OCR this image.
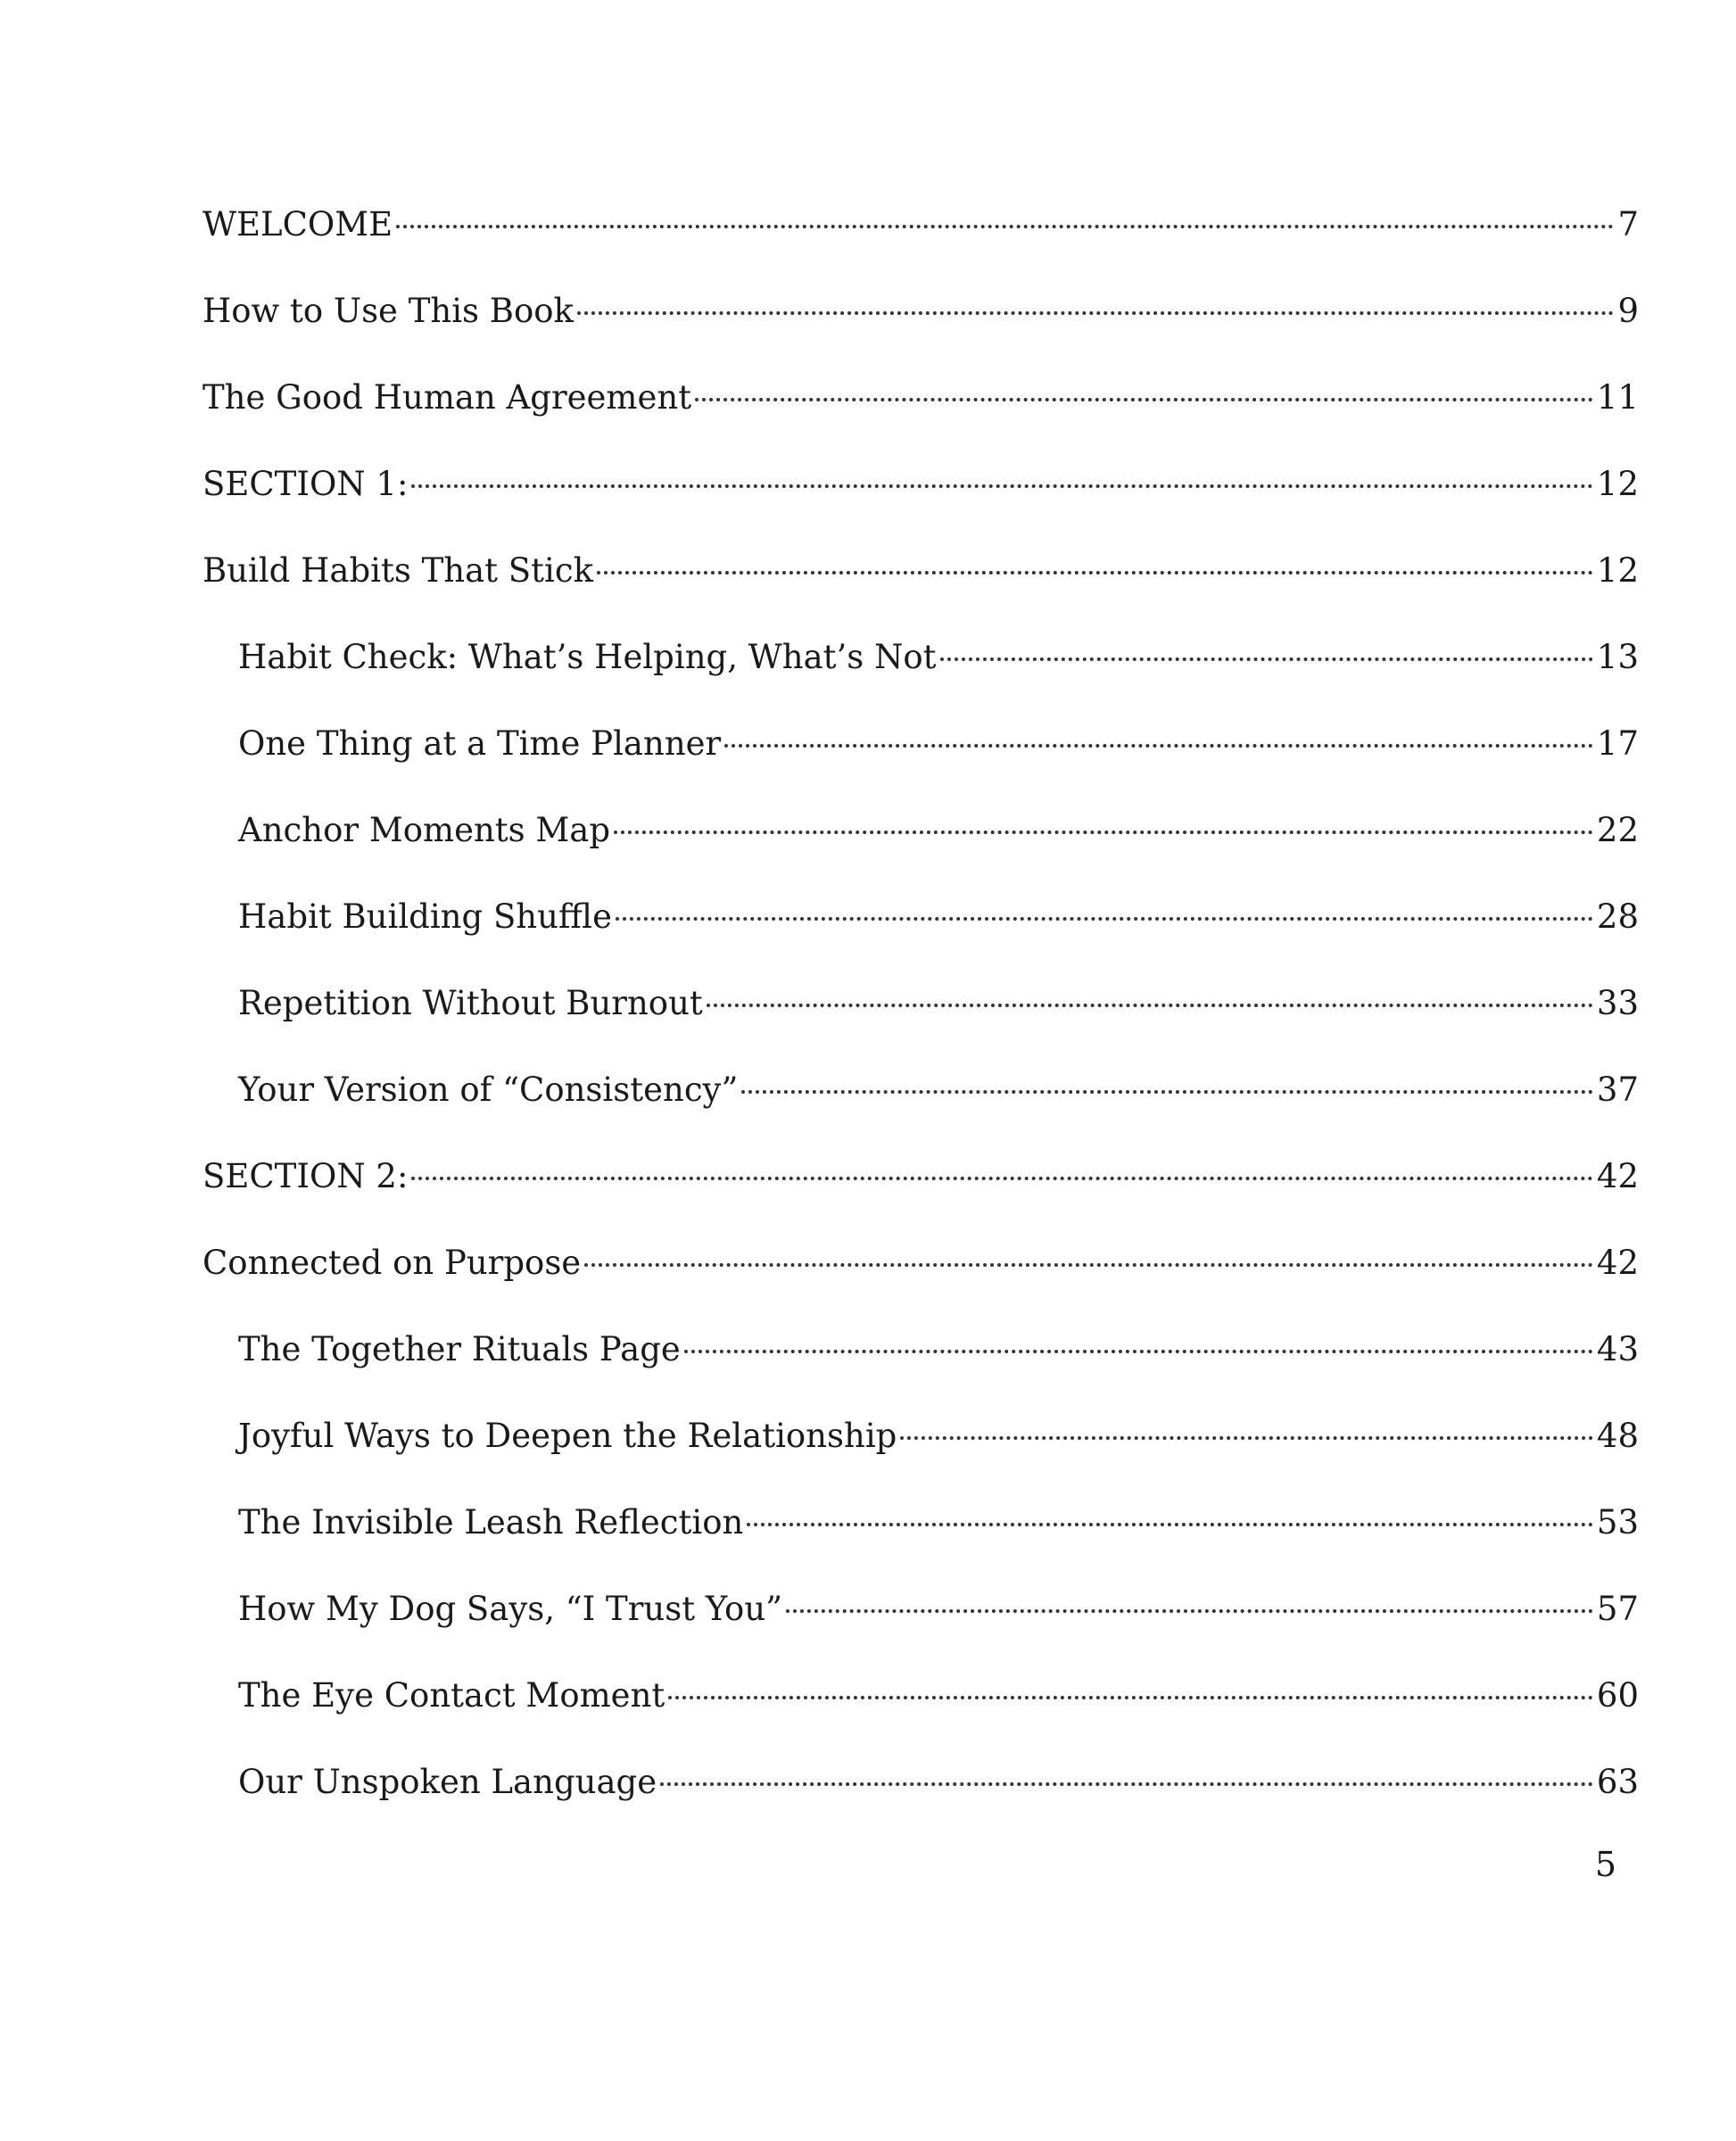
WELCOME	7
How to Use This Book	9
The Good Human Agreement	11
SECTION 1:	12
Build Habits That Stick	12
Habit Check: What’s Helping, What’s Not	13
One Thing at a Time Planner	17
Anchor Moments Map	22
Habit Building Shuffle	28
Repetition Without Burnout	33
Your Version of “Consistency”	37
SECTION 2:	42
Connected on Purpose	42
The Together Rituals Page	43
Joyful Ways to Deepen the Relationship	48
The Invisible Leash Reflection	53
How My Dog Says, “I Trust You”	57
The Eye Contact Moment	60
Our Unspoken Language	63
5
